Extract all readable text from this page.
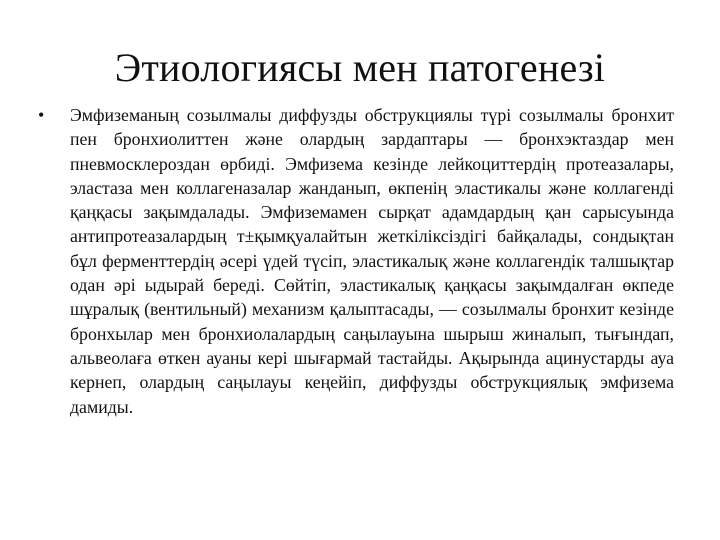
Этиологиясы мен патогенезі
• Эмфиземаның созылмалы диффузды обструкциялы түрі созылмалы бронхит пен бронхиолиттен және олардың зардаптары — бронхэктаздар мен пневмосклероздан өрбиді. Эмфизема кезінде лейкоциттердің протеазалары, эластаза мен коллагеназалар жанданып, өкпенің эластикалы және коллагенді қаңқасы зақымдалады. Эмфиземамен сырқат адамдардың қан сарысуында антипротеазалардың т±қымқуалайтын жеткіліксіздігі байқалады, сондықтан бұл ферменттердің әсері үдей түсіп, эластикалық және коллагендік талшықтар одан әрі ыдырай береді. Сөйтіп, эластикалық қаңқасы зақымдалған өкпеде шұралық (вентильный) механизм қалыптасады, — созылмалы бронхит кезінде бронхылар мен бронхиолалардың саңылауына шырыш жиналып, тығындап, альвеолаға өткен ауаны кері шығармай тастайды. Ақырында ацинустарды ауа кернеп, олардың саңылауы кеңейіп, диффузды обструкциялық эмфизема дамиды.
